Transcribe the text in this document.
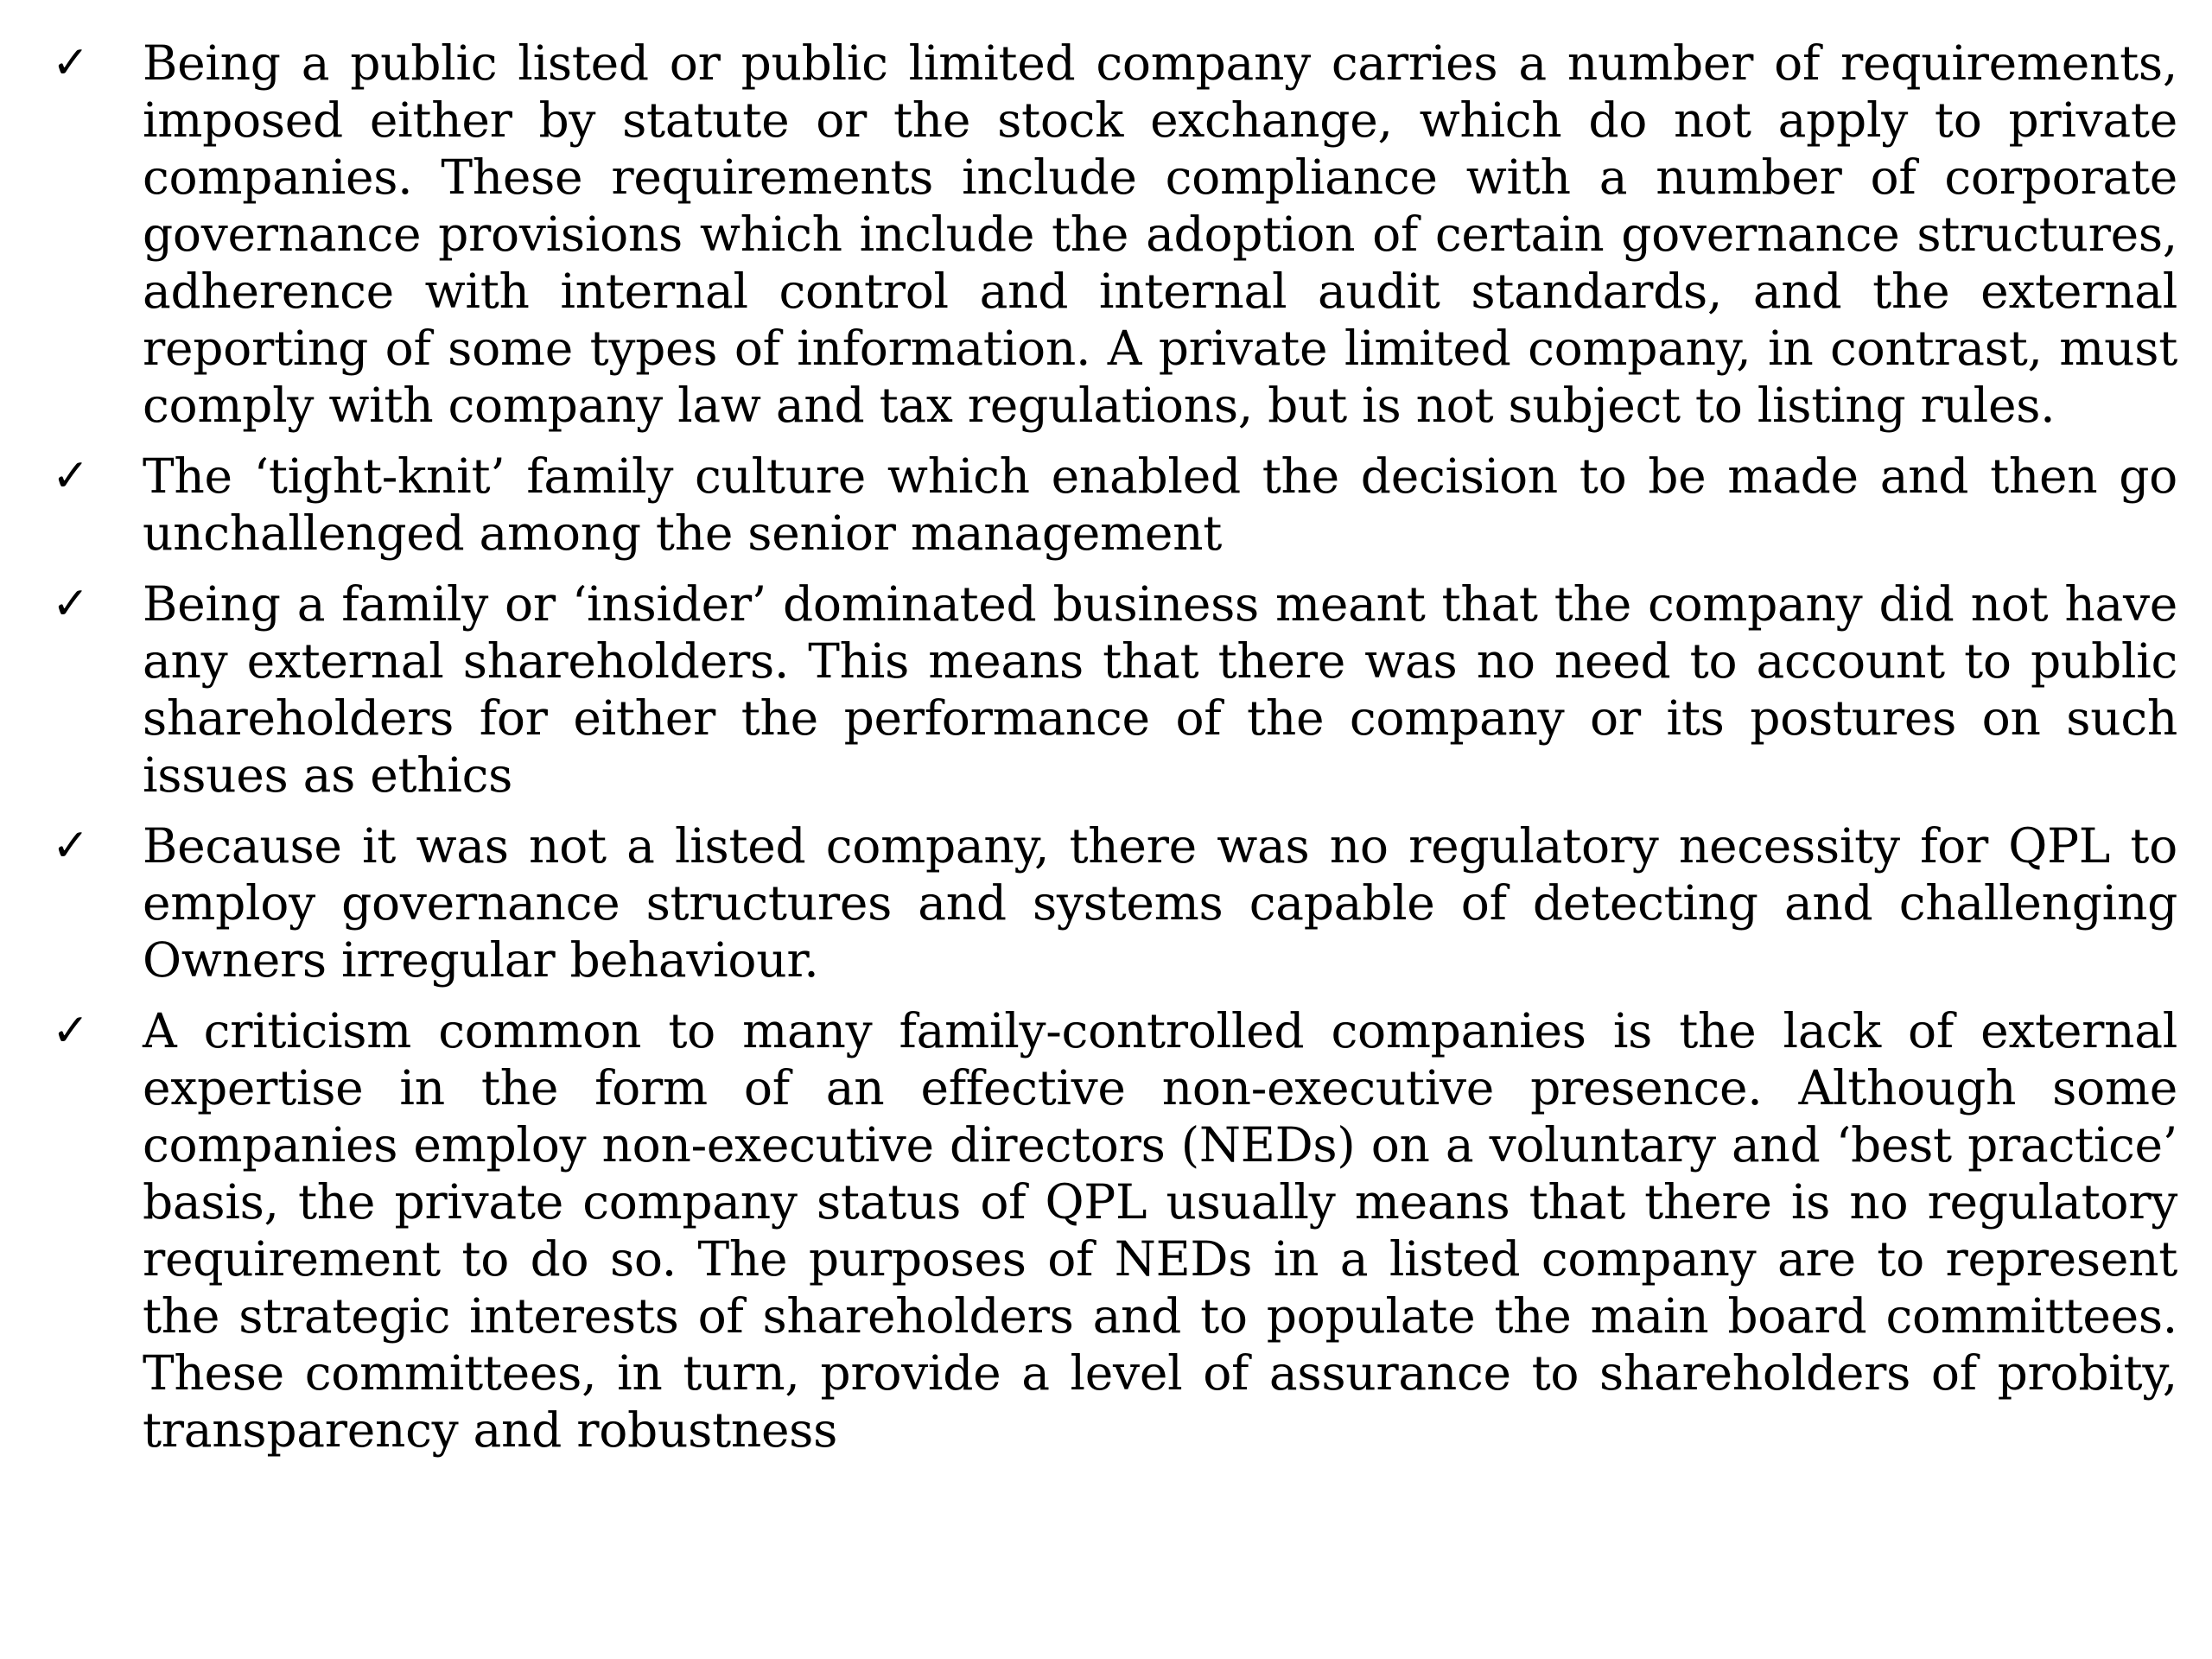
✓	Being a public listed or public limited company carries a number of requirements, imposed either by statute or the stock exchange, which do not apply to private companies. These requirements include compliance with a number of corporate governance provisions which include the adoption of certain governance structures, adherence with internal control and internal audit standards, and the external reporting of some types of information. A private limited company, in contrast, must comply with company law and tax regulations, but is not subject to listing rules.

✓	The ‘tight-knit’ family culture which enabled the decision to be made and then go unchallenged among the senior management

✓	Being a family or ‘insider’ dominated business meant that the company did not have any external shareholders. This means that there was no need to account to public shareholders for either the performance of the company or its postures on such issues as ethics

✓	Because it was not a listed company, there was no regulatory necessity for QPL to employ governance structures and systems capable of detecting and challenging Owners irregular behaviour.

✓	A criticism common to many family-controlled companies is the lack of external expertise in the form of an effective non-executive presence. Although some companies employ non-executive directors (NEDs) on a voluntary and ‘best practice’ basis, the private company status of QPL usually means that there is no regulatory requirement to do so. The purposes of NEDs in a listed company are to represent the strategic interests of shareholders and to populate the main board committees. These committees, in turn, provide a level of assurance to shareholders of probity, transparency and robustness
